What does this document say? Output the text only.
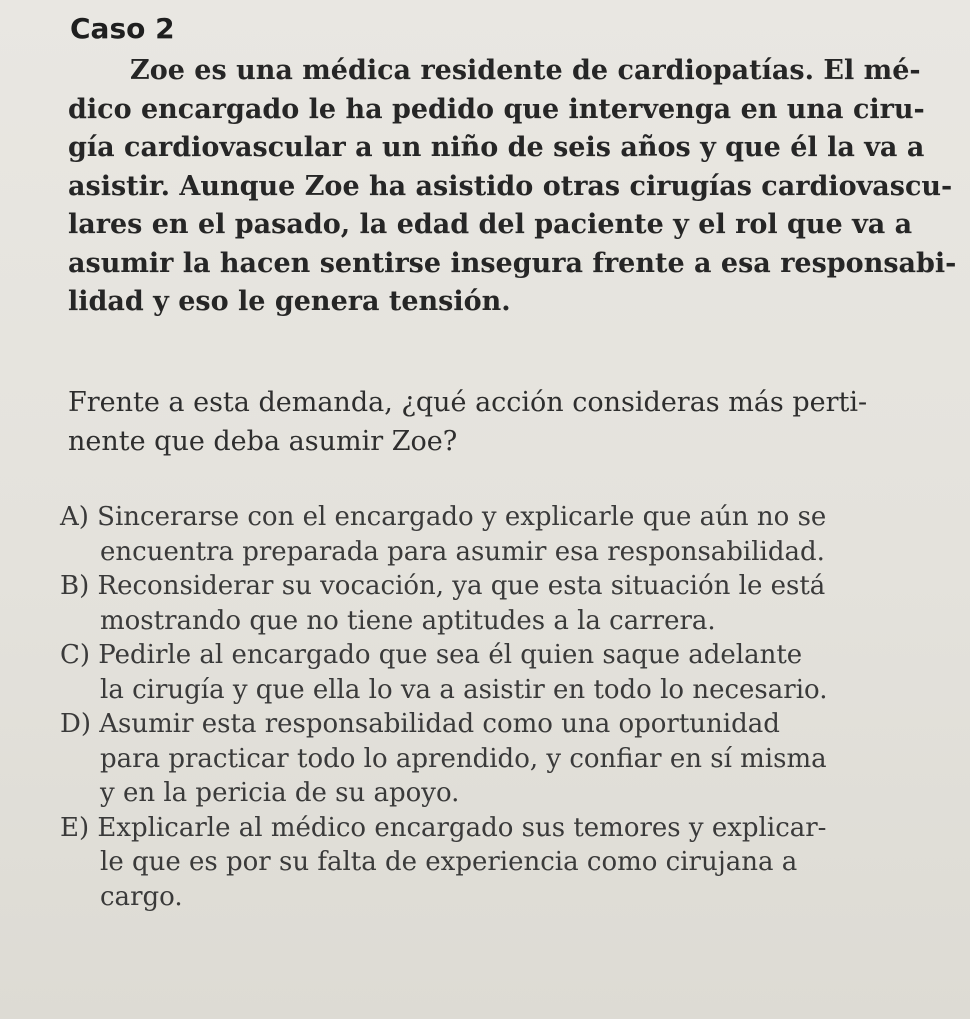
Caso 2

Zoe es una médica residente de cardiopatías. El mé-
dico encargado le ha pedido que intervenga en una ciru-
gía cardiovascular a un niño de seis años y que él la va a
asistir. Aunque Zoe ha asistido otras cirugías cardiovascu-
lares en el pasado, la edad del paciente y el rol que va a
asumir la hacen sentirse insegura frente a esa responsabi-
lidad y eso le genera tensión.

Frente a esta demanda, ¿qué acción consideras más perti-
nente que deba asumir Zoe?

A) Sincerarse con el encargado y explicarle que aún no se
encuentra preparada para asumir esa responsabilidad.
B) Reconsiderar su vocación, ya que esta situación le está
mostrando que no tiene aptitudes a la carrera.
C) Pedirle al encargado que sea él quien saque adelante
la cirugía y que ella lo va a asistir en todo lo necesario.
D) Asumir esta responsabilidad como una oportunidad
para practicar todo lo aprendido, y confiar en sí misma
y en la pericia de su apoyo.
E) Explicarle al médico encargado sus temores y explicar-
le que es por su falta de experiencia como cirujana a
cargo.
